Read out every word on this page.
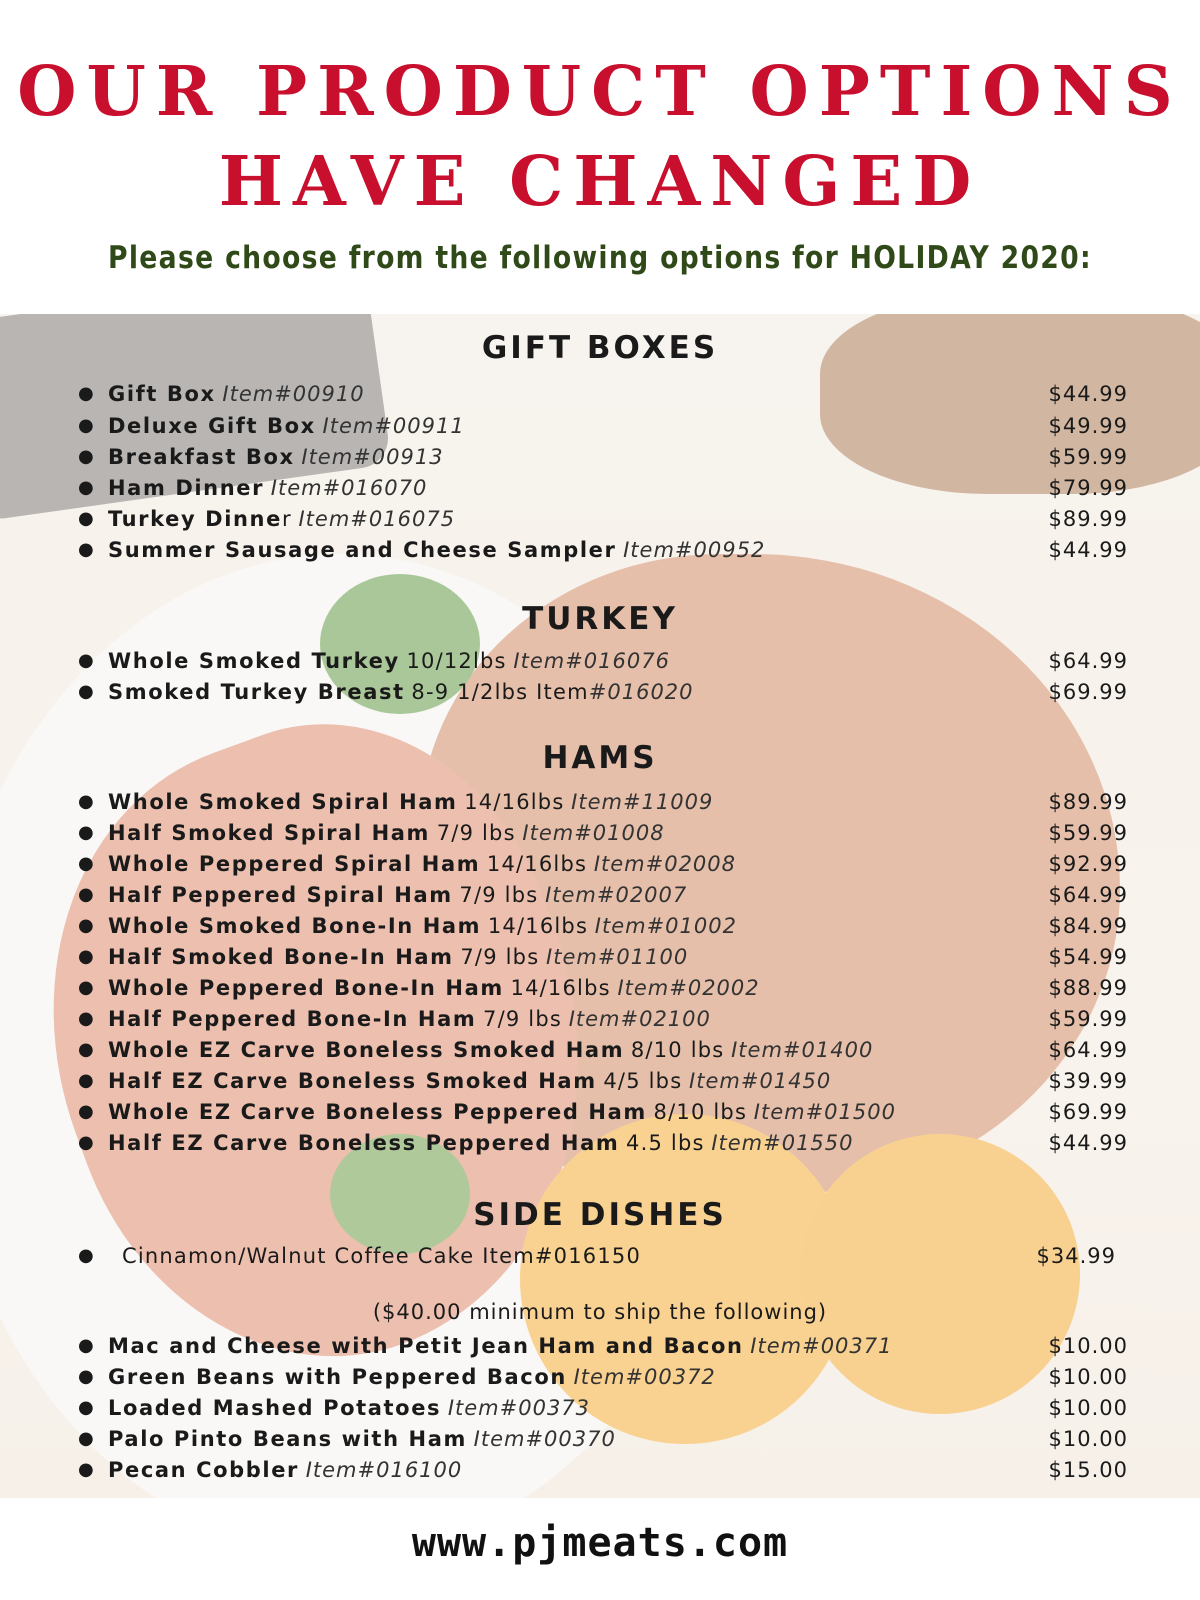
OUR PRODUCT OPTIONS
HAVE CHANGED
Please choose from the following options for HOLIDAY 2020:
GIFT BOXES
● Gift Box Item#00910	$44.99
● Deluxe Gift Box Item#00911	$49.99
● Breakfast Box Item#00913	$59.99
● Ham Dinner Item#016070	$79.99
● Turkey Dinner Item#016075	$89.99
● Summer Sausage and Cheese Sampler Item#00952	$44.99
TURKEY
● Whole Smoked Turkey 10/12lbs Item#016076	$64.99
● Smoked Turkey Breast 8-9 1/2lbs Item#016020	$69.99
HAMS
● Whole Smoked Spiral Ham 14/16lbs Item#11009	$89.99
● Half Smoked Spiral Ham 7/9 lbs Item#01008	$59.99
● Whole Peppered Spiral Ham 14/16lbs Item#02008	$92.99
● Half Peppered Spiral Ham 7/9 lbs Item#02007	$64.99
● Whole Smoked Bone-In Ham 14/16lbs Item#01002	$84.99
● Half Smoked Bone-In Ham 7/9 lbs Item#01100	$54.99
● Whole Peppered Bone-In Ham 14/16lbs Item#02002	$88.99
● Half Peppered Bone-In Ham 7/9 lbs Item#02100	$59.99
● Whole EZ Carve Boneless Smoked Ham 8/10 lbs Item#01400	$64.99
● Half EZ Carve Boneless Smoked Ham 4/5 lbs Item#01450	$39.99
● Whole EZ Carve Boneless Peppered Ham 8/10 lbs Item#01500	$69.99
● Half EZ Carve Boneless Peppered Ham 4.5 lbs Item#01550	$44.99
SIDE DISHES
● Cinnamon/Walnut Coffee Cake Item#016150	$34.99
($40.00 minimum to ship the following)
● Mac and Cheese with Petit Jean Ham and Bacon Item#00371	$10.00
● Green Beans with Peppered Bacon Item#00372	$10.00
● Loaded Mashed Potatoes Item#00373	$10.00
● Palo Pinto Beans with Ham Item#00370	$10.00
● Pecan Cobbler Item#016100	$15.00
www.pjmeats.com
